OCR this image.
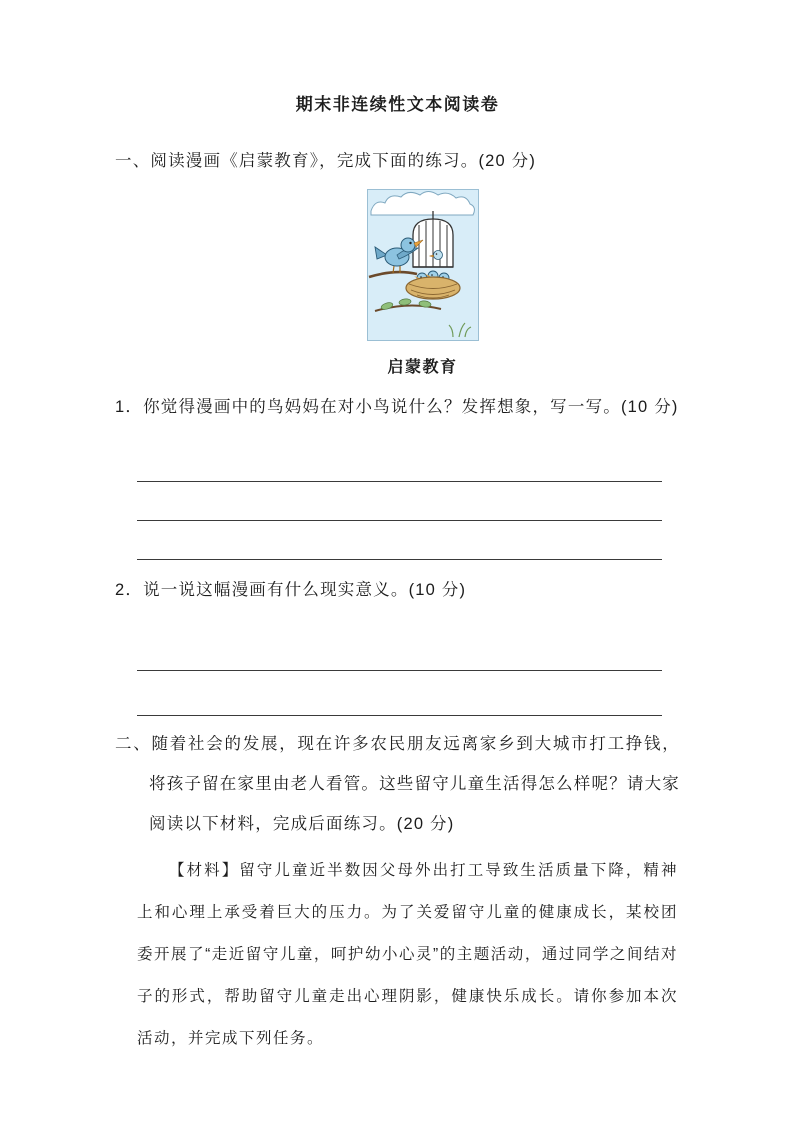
期末非连续性文本阅读卷
一、阅读漫画《启蒙教育》，完成下面的练习。(20 分)
启蒙教育
1．你觉得漫画中的鸟妈妈在对小鸟说什么？发挥想象，写一写。(10 分)
2．说一说这幅漫画有什么现实意义。(10 分)
二、随着社会的发展，现在许多农民朋友远离家乡到大城市打工挣钱，将孩子留在家里由老人看管。这些留守儿童生活得怎么样呢？请大家阅读以下材料，完成后面练习。(20 分)
【材料】留守儿童近半数因父母外出打工导致生活质量下降，精神上和心理上承受着巨大的压力。为了关爱留守儿童的健康成长，某校团委开展了“走近留守儿童，呵护幼小心灵”的主题活动，通过同学之间结对子的形式，帮助留守儿童走出心理阴影，健康快乐成长。请你参加本次活动，并完成下列任务。
